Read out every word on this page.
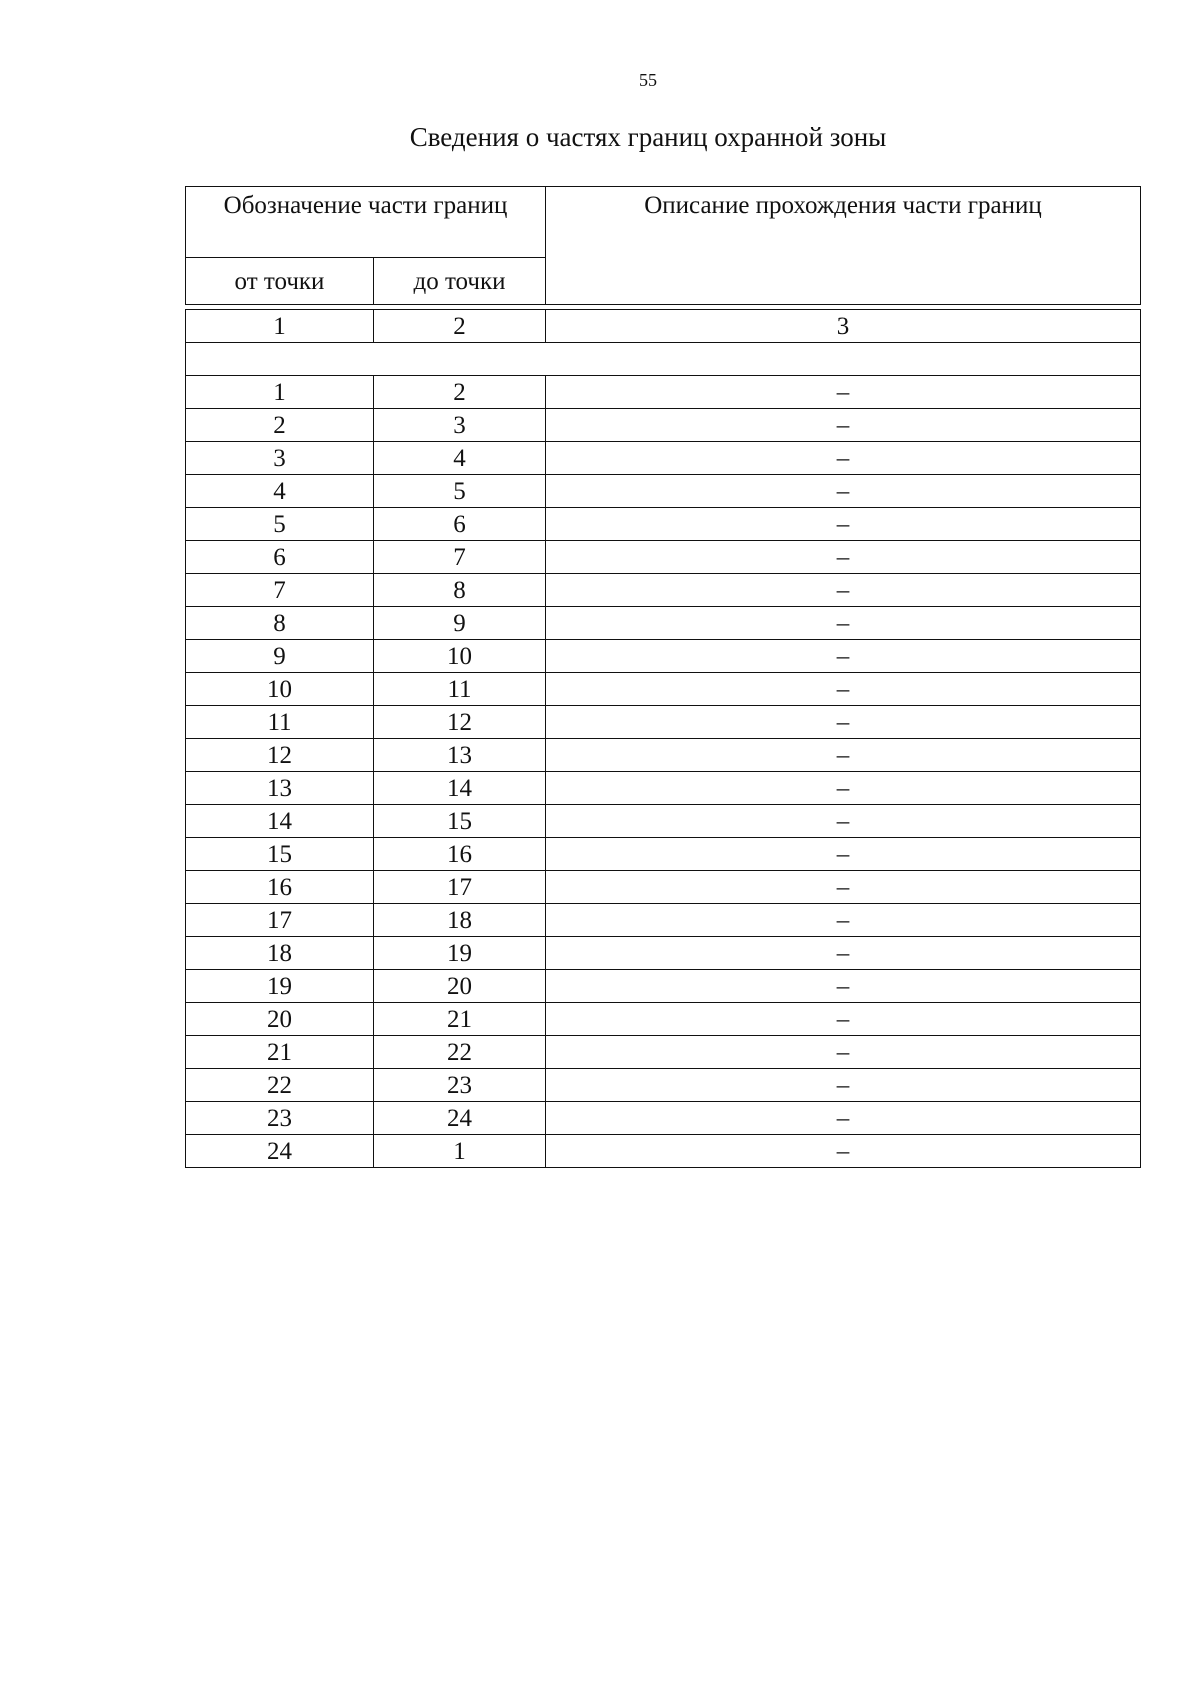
55
Сведения о частях границ охранной зоны
Обозначение части границ		Описание прохождения части границ

от точки	до точки	

1	2	3

1	2	–
2	3	–
3	4	–
4	5	–
5	6	–
6	7	–
7	8	–
8	9	–
9	10	–
10	11	–
11	12	–
12	13	–
13	14	–
14	15	–
15	16	–
16	17	–
17	18	–
18	19	–
19	20	–
20	21	–
21	22	–
22	23	–
23	24	–
24	1	–
